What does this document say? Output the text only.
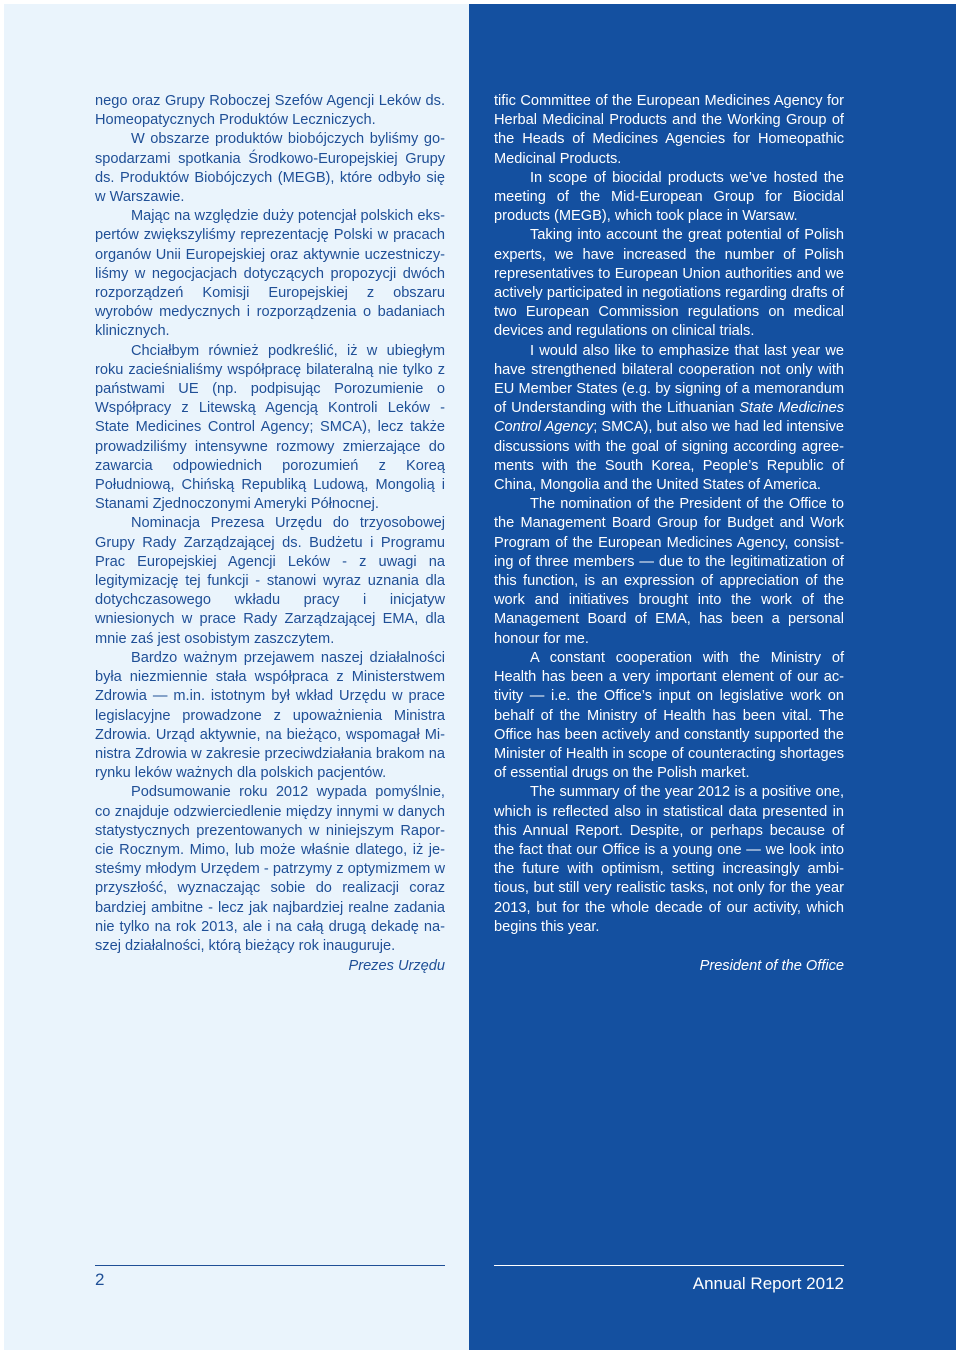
nego oraz Grupy Roboczej Szefów Agencji Leków ds. Homeopatycznych Produktów Leczniczych.

W obszarze produktów biobójczych byliśmy gospodarzami spotkania Środkowo-Europejskiej Grupy ds. Produktów Biobójczych (MEGB), które odbyło się w Warszawie.

Mając na względzie duży potencjał polskich ekspertów zwiększyliśmy reprezentację Polski w pracach organów Unii Europejskiej oraz aktywnie uczestniczyliśmy w negocjacjach dotyczących propozycji dwóch rozporządzeń Komisji Europejskiej z obszaru wyrobów medycznych i rozporządzenia o badaniach klinicznych.

Chciałbym również podkreślić, iż w ubiegłym roku zacieśnialiśmy współpracę bilateralną nie tylko z państwami UE (np. podpisując Porozumienie o Współpracy z Litewską Agencją Kontroli Leków - State Medicines Control Agency; SMCA), lecz także prowadziliśmy intensywne rozmowy zmierzające do zawarcia odpowiednich porozumień z Koreą Południową, Chińską Republiką Ludową, Mongolią i Stanami Zjednoczonymi Ameryki Północnej.

Nominacja Prezesa Urzędu do trzyosobowej Grupy Rady Zarządzającej ds. Budżetu i Programu Prac Europejskiej Agencji Leków - z uwagi na legitymizację tej funkcji - stanowi wyraz uznania dla dotychczasowego wkładu pracy i inicjatyw wniesionych w prace Rady Zarządzającej EMA, dla mnie zaś jest osobistym zaszczytem.

Bardzo ważnym przejawem naszej działalności była niezmiennie stała współpraca z Ministerstwem Zdrowia — m.in. istotnym był wkład Urzędu w prace legislacyjne prowadzone z upoważnienia Ministra Zdrowia. Urząd aktywnie, na bieżąco, wspomagał Ministra Zdrowia w zakresie przeciwdziałania brakom na rynku leków ważnych dla polskich pacjentów.

Podsumowanie roku 2012 wypada pomyślnie, co znajduje odzwierciedlenie między innymi w danych statystycznych prezentowanych w niniejszym Raporcie Rocznym. Mimo, lub może właśnie dlatego, iż jesteśmy młodym Urzędem - patrzymy z optymizmem w przyszłość, wyznaczając sobie do realizacji coraz bardziej ambitne - lecz jak najbardziej realne zadania nie tylko na rok 2013, ale i na całą drugą dekadę naszej działalności, którą bieżący rok inauguruje.

Prezes Urzędu

tific Committee of the European Medicines Agency for Herbal Medicinal Products and the Working Group of the Heads of Medicines Agencies for Homeopathic Medicinal Products.

In scope of biocidal products we’ve hosted the meeting of the Mid-European Group for Biocidal products (MEGB), which took place in Warsaw.

Taking into account the great potential of Polish experts, we have increased the number of Polish representatives to European Union authorities and we actively participated in negotiations regarding drafts of two European Commission regulations on medical devices and regulations on clinical trials.

I would also like to emphasize that last year we have strengthened bilateral cooperation not only with EU Member States (e.g. by signing of a memorandum of Understanding with the Lithuanian State Medicines Control Agency; SMCA), but also we had led intensive discussions with the goal of signing according agreements with the South Korea, People’s Republic of China, Mongolia and the United States of America.

The nomination of the President of the Office to the Management Board Group for Budget and Work Program of the European Medicines Agency, consisting of three members — due to the legitimatization of this function, is an expression of appreciation of the work and initiatives brought into the work of the Management Board of EMA, has been a personal honour for me.

A constant cooperation with the Ministry of Health has been a very important element of our activity — i.e. the Office’s input on legislative work on behalf of the Ministry of Health has been vital. The Office has been actively and constantly supported the Minister of Health in scope of counteracting shortages of essential drugs on the Polish market.

The summary of the year 2012 is a positive one, which is reflected also in statistical data presented in this Annual Report. Despite, or perhaps because of the fact that our Office is a young one — we look into the future with optimism, setting increasingly ambitious, but still very realistic tasks, not only for the year 2013, but for the whole decade of our activity, which begins this year.

President of the Office
2	Annual Report 2012
